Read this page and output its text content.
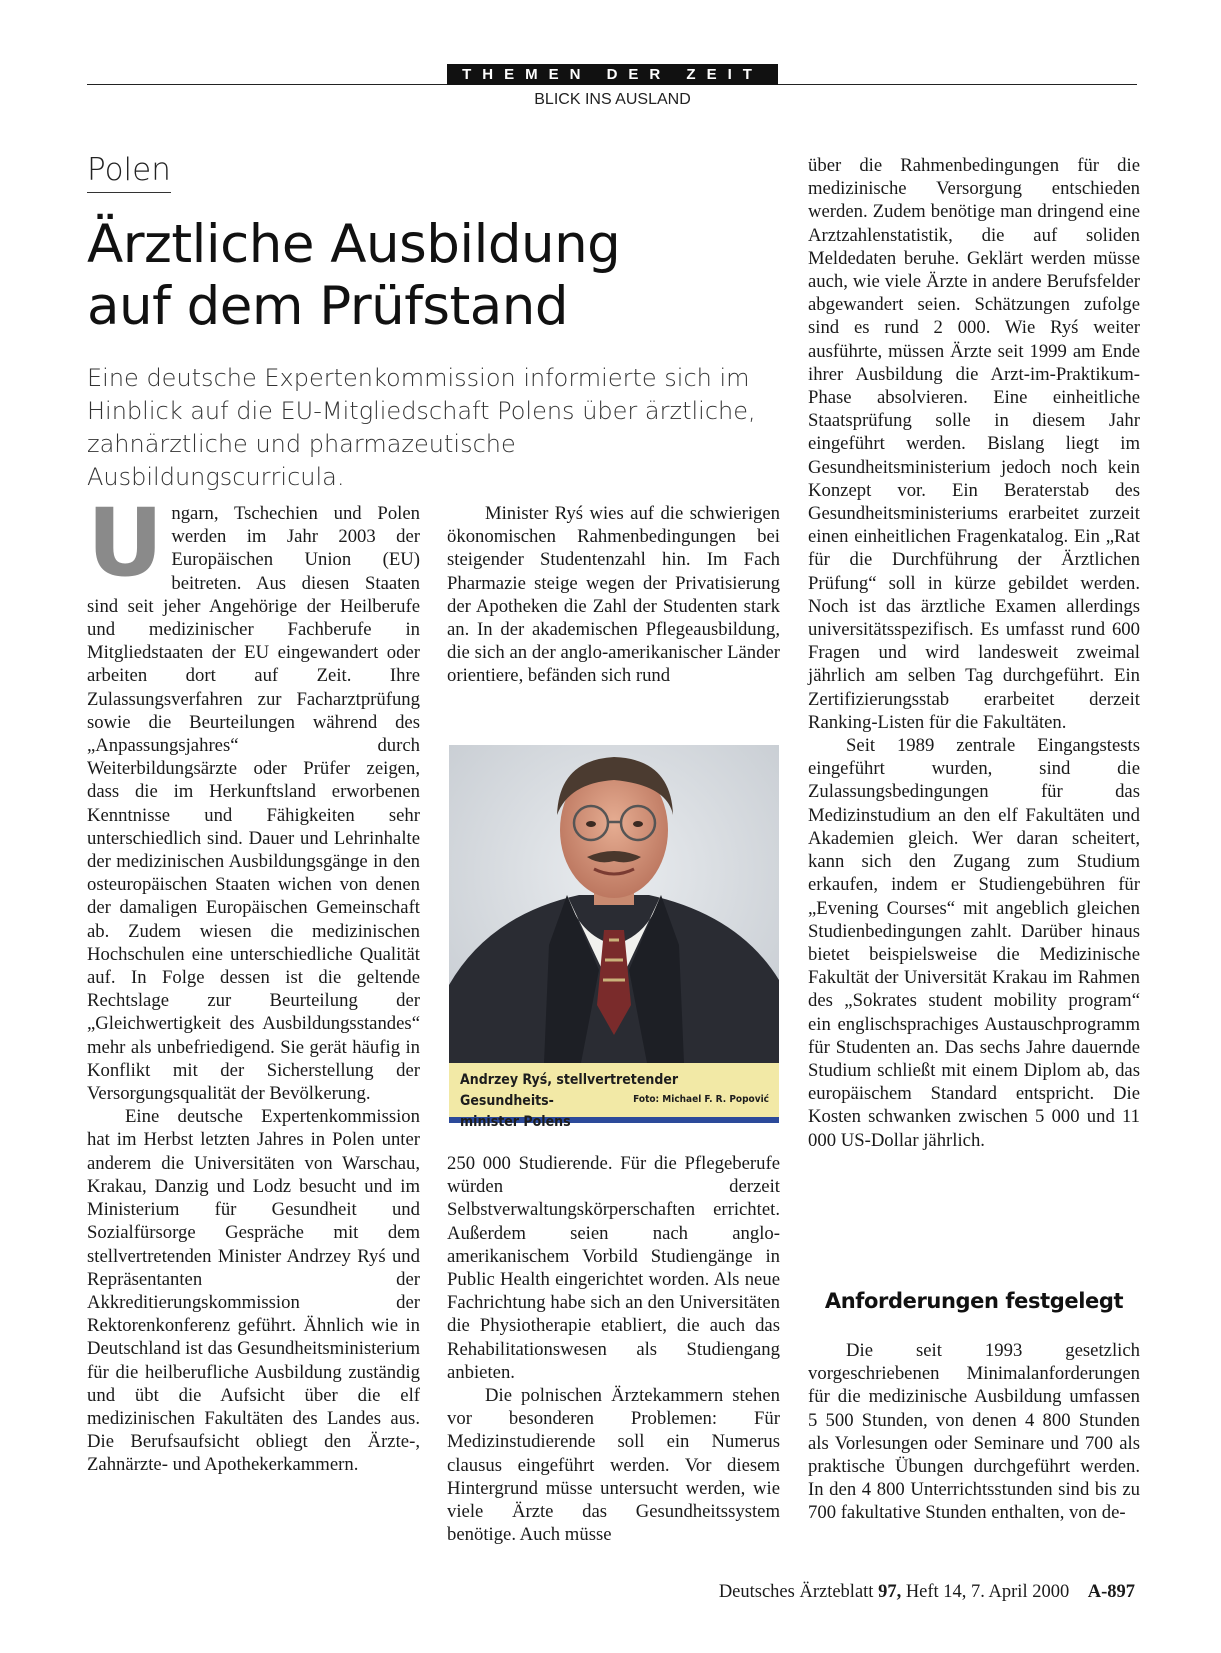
THEMEN DER ZEIT
BLICK INS AUSLAND
Polen
Ärztliche Ausbildung
auf dem Prüfstand
Eine deutsche Expertenkommission informierte sich im Hinblick auf die EU-Mitgliedschaft Polens über ärztliche, zahnärztliche und pharmazeutische Ausbildungscurricula.

Ungarn, Tschechien und Polen werden im Jahr 2003 der Europäischen Union (EU) beitreten. Aus diesen Staaten sind seit jeher Angehörige der Heilberufe und medizinischer Fachberufe in Mitgliedstaaten der EU eingewandert oder arbeiten dort auf Zeit. Ihre Zulassungsverfahren zur Facharztprüfung sowie die Beurteilungen während des „Anpassungsjahres“ durch Weiterbildungsärzte oder Prüfer zeigen, dass die im Herkunftsland erworbenen Kenntnisse und Fähigkeiten sehr unterschiedlich sind. Dauer und Lehrinhalte der medizinischen Ausbildungsgänge in den osteuropäischen Staaten wichen von denen der damaligen Europäischen Gemeinschaft ab. Zudem wiesen die medizinischen Hochschulen eine unterschiedliche Qualität auf. In Folge dessen ist die geltende Rechtslage zur Beurteilung der „Gleichwertigkeit des Ausbildungsstandes“ mehr als unbefriedigend. Sie gerät häufig in Konflikt mit der Sicherstellung der Versorgungsqualität der Bevölkerung.

Eine deutsche Expertenkommission hat im Herbst letzten Jahres in Polen unter anderem die Universitäten von Warschau, Krakau, Danzig und Lodz besucht und im Ministerium für Gesundheit und Sozialfürsorge Gespräche mit dem stellvertretenden Minister Andrzey Ryś und Repräsentanten der Akkreditierungskommission der Rektorenkonferenz geführt. Ähnlich wie in Deutschland ist das Gesundheitsministerium für die heilberufliche Ausbildung zuständig und übt die Aufsicht über die elf medizinischen Fakultäten des Landes aus. Die Berufsaufsicht obliegt den Ärzte-, Zahnärzte- und Apothekerkammern.

Minister Ryś wies auf die schwierigen ökonomischen Rahmenbedingungen bei steigender Studentenzahl hin. Im Fach Pharmazie steige wegen der Privatisierung der Apotheken die Zahl der Studenten stark an. In der akademischen Pflegeausbildung, die sich an der anglo-amerikanischer Länder orientiere, befänden sich rund

Andrzey Ryś, stellvertretender Gesundheits-
minister Polens
Foto: Michael F. R. Popović

250 000 Studierende. Für die Pflegeberufe würden derzeit Selbstverwaltungskörperschaften errichtet. Außerdem seien nach anglo-amerikanischem Vorbild Studiengänge in Public Health eingerichtet worden. Als neue Fachrichtung habe sich an den Universitäten die Physiotherapie etabliert, die auch das Rehabilitationswesen als Studiengang anbieten.

Die polnischen Ärztekammern stehen vor besonderen Problemen: Für Medizinstudierende soll ein Numerus clausus eingeführt werden. Vor diesem Hintergrund müsse untersucht werden, wie viele Ärzte das Gesundheitssystem benötige. Auch müsse

über die Rahmenbedingungen für die medizinische Versorgung entschieden werden. Zudem benötige man dringend eine Arztzahlenstatistik, die auf soliden Meldedaten beruhe. Geklärt werden müsse auch, wie viele Ärzte in andere Berufsfelder abgewandert seien. Schätzungen zufolge sind es rund 2 000. Wie Ryś weiter ausführte, müssen Ärzte seit 1999 am Ende ihrer Ausbildung die Arzt-im-Praktikum-Phase absolvieren. Eine einheitliche Staatsprüfung solle in diesem Jahr eingeführt werden. Bislang liegt im Gesundheitsministerium jedoch noch kein Konzept vor. Ein Beraterstab des Gesundheitsministeriums erarbeitet zurzeit einen einheitlichen Fragenkatalog. Ein „Rat für die Durchführung der Ärztlichen Prüfung“ soll in kürze gebildet werden. Noch ist das ärztliche Examen allerdings universitätsspezifisch. Es umfasst rund 600 Fragen und wird landesweit zweimal jährlich am selben Tag durchgeführt. Ein Zertifizierungsstab erarbeitet derzeit Ranking-Listen für die Fakultäten.

Seit 1989 zentrale Eingangstests eingeführt wurden, sind die Zulassungsbedingungen für das Medizinstudium an den elf Fakultäten und Akademien gleich. Wer daran scheitert, kann sich den Zugang zum Studium erkaufen, indem er Studiengebühren für „Evening Courses“ mit angeblich gleichen Studienbedingungen zahlt. Darüber hinaus bietet beispielsweise die Medizinische Fakultät der Universität Krakau im Rahmen des „Sokrates student mobility program“ ein englischsprachiges Austauschprogramm für Studenten an. Das sechs Jahre dauernde Studium schließt mit einem Diplom ab, das europäischem Standard entspricht. Die Kosten schwanken zwischen 5 000 und 11 000 US-Dollar jährlich.

Anforderungen festgelegt

Die seit 1993 gesetzlich vorgeschriebenen Minimalanforderungen für die medizinische Ausbildung umfassen 5 500 Stunden, von denen 4 800 Stunden als Vorlesungen oder Seminare und 700 als praktische Übungen durchgeführt werden. In den 4 800 Unterrichtsstunden sind bis zu 700 fakultative Stunden enthalten, von de-

Deutsches Ärzteblatt 97, Heft 14, 7. April 2000 A-897
